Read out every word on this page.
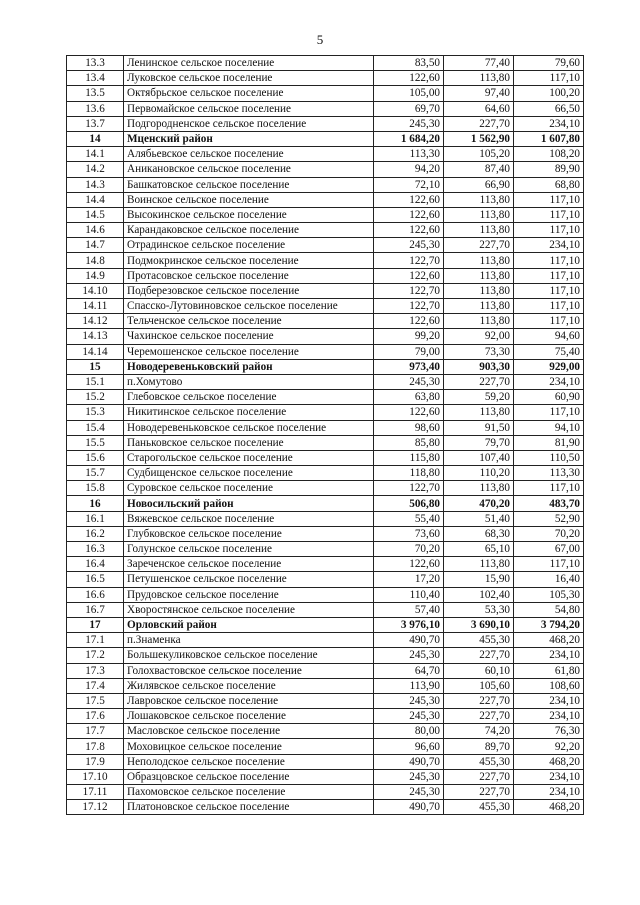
5
13.3	Ленинское сельское поселение	83,50	77,40	79,60
13.4	Луковское сельское поселение	122,60	113,80	117,10
13.5	Октябрьское сельское поселение	105,00	97,40	100,20
13.6	Первомайское сельское поселение	69,70	64,60	66,50
13.7	Подгородненское сельское поселение	245,30	227,70	234,10
14	Мценский район	1 684,20	1 562,90	1 607,80
14.1	Алябьевское сельское поселение	113,30	105,20	108,20
14.2	Аникановское сельское поселение	94,20	87,40	89,90
14.3	Башкатовское сельское поселение	72,10	66,90	68,80
14.4	Воинское сельское поселение	122,60	113,80	117,10
14.5	Высокинское сельское поселение	122,60	113,80	117,10
14.6	Карандаковское сельское поселение	122,60	113,80	117,10
14.7	Отрадинское сельское поселение	245,30	227,70	234,10
14.8	Подмокринское сельское поселение	122,70	113,80	117,10
14.9	Протасовское сельское поселение	122,60	113,80	117,10
14.10	Подберезовское сельское поселение	122,70	113,80	117,10
14.11	Спасско-Лутовиновское сельское поселение	122,70	113,80	117,10
14.12	Тельченское сельское поселение	122,60	113,80	117,10
14.13	Чахинское сельское поселение	99,20	92,00	94,60
14.14	Черемошенское сельское поселение	79,00	73,30	75,40
15	Новодеревеньковский район	973,40	903,30	929,00
15.1	п.Хомутово	245,30	227,70	234,10
15.2	Глебовское сельское поселение	63,80	59,20	60,90
15.3	Никитинское сельское поселение	122,60	113,80	117,10
15.4	Новодеревеньковское сельское поселение	98,60	91,50	94,10
15.5	Паньковское сельское поселение	85,80	79,70	81,90
15.6	Старогольское сельское поселение	115,80	107,40	110,50
15.7	Судбищенское сельское поселение	118,80	110,20	113,30
15.8	Суровское сельское поселение	122,70	113,80	117,10
16	Новосильский район	506,80	470,20	483,70
16.1	Вяжевское сельское поселение	55,40	51,40	52,90
16.2	Глубковское сельское поселение	73,60	68,30	70,20
16.3	Голунское сельское поселение	70,20	65,10	67,00
16.4	Зареченское сельское поселение	122,60	113,80	117,10
16.5	Петушенское сельское поселение	17,20	15,90	16,40
16.6	Прудовское сельское поселение	110,40	102,40	105,30
16.7	Хворостянское сельское поселение	57,40	53,30	54,80
17	Орловский район	3 976,10	3 690,10	3 794,20
17.1	п.Знаменка	490,70	455,30	468,20
17.2	Большекуликовское сельское поселение	245,30	227,70	234,10
17.3	Голохвастовское сельское поселение	64,70	60,10	61,80
17.4	Жилявское сельское поселение	113,90	105,60	108,60
17.5	Лавровское сельское поселение	245,30	227,70	234,10
17.6	Лошаковское сельское поселение	245,30	227,70	234,10
17.7	Масловское сельское поселение	80,00	74,20	76,30
17.8	Моховицкое сельское поселение	96,60	89,70	92,20
17.9	Неполодское сельское поселение	490,70	455,30	468,20
17.10	Образцовское сельское поселение	245,30	227,70	234,10
17.11	Пахомовское сельское поселение	245,30	227,70	234,10
17.12	Платоновское сельское поселение	490,70	455,30	468,20
